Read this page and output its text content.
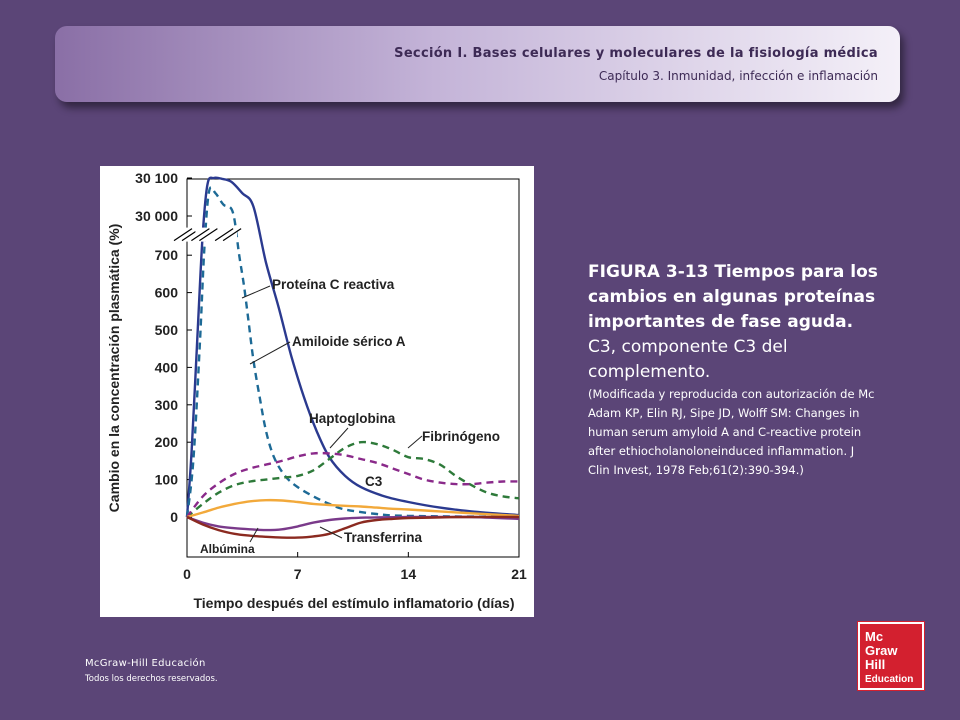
Sección I. Bases celulares y moleculares de la fisiología médica
Capítulo 3. Inmunidad, infección e inflamación
0
100
200
300
400
500
600
700
30 000
30 100
0	7	14	21
Cambio en la concentración plasmática (%)
Tiempo después del estímulo inflamatorio (días)
Proteína C reactiva
Amiloide sérico A
Haptoglobina
Fibrinógeno
C3
Transferrina
Albúmina
FIGURA 3-13 Tiempos para los cambios en algunas proteínas importantes de fase aguda. C3, componente C3 del complemento.
(Modificada y reproducida con autorización de Mc Adam KP, Elin RJ, Sipe JD, Wolff SM: Changes in human serum amyloid A and C-reactive protein after ethiocholanoloneinduced inflammation. J Clin Invest, 1978 Feb;61(2):390-394.)
McGraw-Hill Educación
Todos los derechos reservados.
Mc
Graw
Hill
Education
